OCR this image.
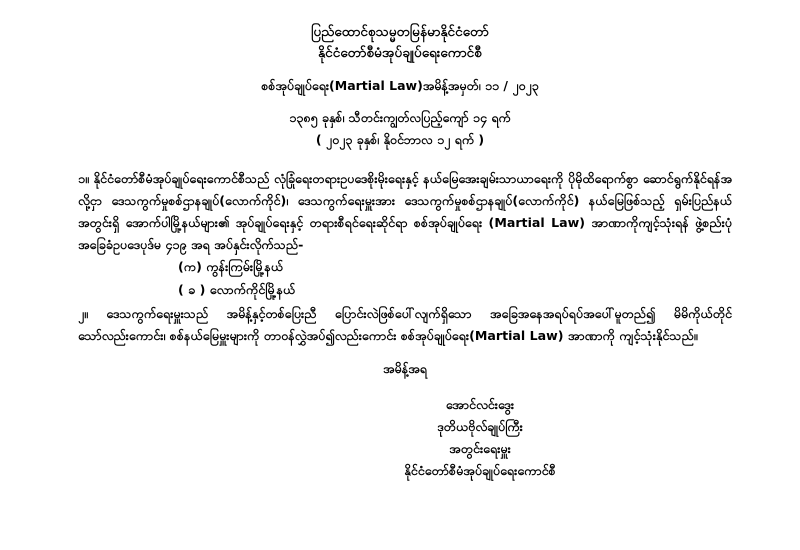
ပြည်ထောင်စုသမ္မတမြန်မာနိုင်ငံတော်
နိုင်ငံတော်စီမံအုပ်ချုပ်ရေးကောင်စီ
စစ်အုပ်ချုပ်ရေး(Martial Law)အမိန့်အမှတ်၊ ၁၁ / ၂၀၂၃
၁၃၈၅ ခုနှစ်၊ သီတင်းကျွတ်လပြည့်ကျော် ၁၄ ရက်
( ၂၀၂၃ ခုနှစ်၊ နိုဝင်ဘာလ ၁၂ ရက် )
၁။ နိုင်ငံတော်စီမံအုပ်ချုပ်ရေးကောင်စီသည် လုံခြုံရေးတရားဥပဒေစိုးမိုးရေးနှင့် နယ်မြေအေးချမ်းသာယာရေးကို ပိုမိုထိရောက်စွာ ဆောင်ရွက်နိုင်ရန်အလို့ငှာ ဒေသကွက်မှုစစ်ဌာနချုပ်(လောက်ကိုင်)၊ ဒေသကွက်ရေးမှူးအား ဒေသကွက်မှုစစ်ဌာနချုပ်(လောက်ကိုင်) နယ်မြေဖြစ်သည့် ရှမ်းပြည်နယ်အတွင်းရှိ အောက်ပါမြို့နယ်များ၏ အုပ်ချုပ်ရေးနှင့် တရားစီရင်ရေးဆိုင်ရာ စစ်အုပ်ချုပ်ရေး (Martial Law) အာဏာကိုကျင့်သုံးရန် ဖွဲ့စည်းပုံအခြေခံဥပဒေပုဒ်မ ၄၁၉ အရ အပ်နှင်းလိုက်သည်-
(က) ကွန်းကြမ်းမြို့နယ်
( ခ ) လောက်ကိုင်မြို့နယ်
၂။ ဒေသကွက်ရေးမှူးသည် အမိန့်နှင့်တစ်ပြေးညီ ပြောင်းလဲဖြစ်ပေါ်လျက်ရှိသော အခြေအနေအရပ်ရပ်အပေါ်မူတည်၍ မိမိကိုယ်တိုင်သော်လည်းကောင်း၊ စစ်နယ်မြေမှူးများကို တာဝန်လွှဲအပ်၍လည်းကောင်း စစ်အုပ်ချုပ်ရေး(Martial Law) အာဏာကို ကျင့်သုံးနိုင်သည်။
အမိန့်အရ
အောင်လင်းဒွေး
ဒုတိယဗိုလ်ချုပ်ကြီး
အတွင်းရေးမှူး
နိုင်ငံတော်စီမံအုပ်ချုပ်ရေးကောင်စီ
